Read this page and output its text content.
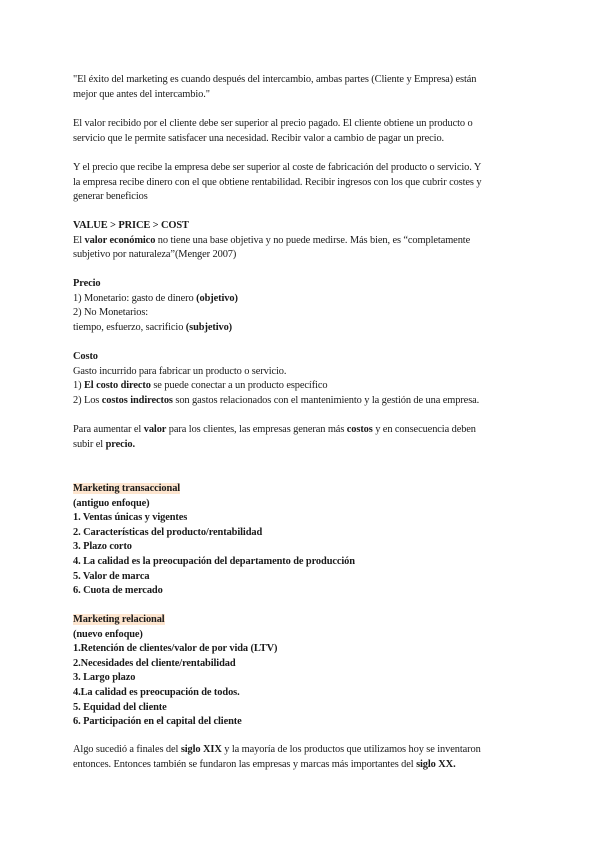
"El éxito del marketing es cuando después del intercambio, ambas partes (Cliente y Empresa) están
mejor que antes del intercambio."

El valor recibido por el cliente debe ser superior al precio pagado. El cliente obtiene un producto o
servicio que le permite satisfacer una necesidad. Recibir valor a cambio de pagar un precio.

Y el precio que recibe la empresa debe ser superior al coste de fabricación del producto o servicio. Y
la empresa recibe dinero con el que obtiene rentabilidad. Recibir ingresos con los que cubrir costes y
generar beneficios

VALUE > PRICE > COST
El valor económico no tiene una base objetiva y no puede medirse. Más bien, es “completamente
subjetivo por naturaleza”(Menger 2007)

Precio
1) Monetario: gasto de dinero (objetivo)
2) No Monetarios:
tiempo, esfuerzo, sacrificio (subjetivo)

Costo
Gasto incurrido para fabricar un producto o servicio.
1) El costo directo se puede conectar a un producto específico
2) Los costos indirectos son gastos relacionados con el mantenimiento y la gestión de una empresa.

Para aumentar el valor para los clientes, las empresas generan más costos y en consecuencia deben
subir el precio.

Marketing transaccional
(antiguo enfoque)
1. Ventas únicas y vigentes
2. Características del producto/rentabilidad
3. Plazo corto
4. La calidad es la preocupación del departamento de producción
5. Valor de marca
6. Cuota de mercado
Marketing relacional
(nuevo enfoque)
1.Retención de clientes/valor de por vida (LTV)
2.Necesidades del cliente/rentabilidad
3. Largo plazo
4.La calidad es preocupación de todos.
5. Equidad del cliente
6. Participación en el capital del cliente

Algo sucedió a finales del siglo XIX y la mayoría de los productos que utilizamos hoy se inventaron
entonces. Entonces también se fundaron las empresas y marcas más importantes del siglo XX.
